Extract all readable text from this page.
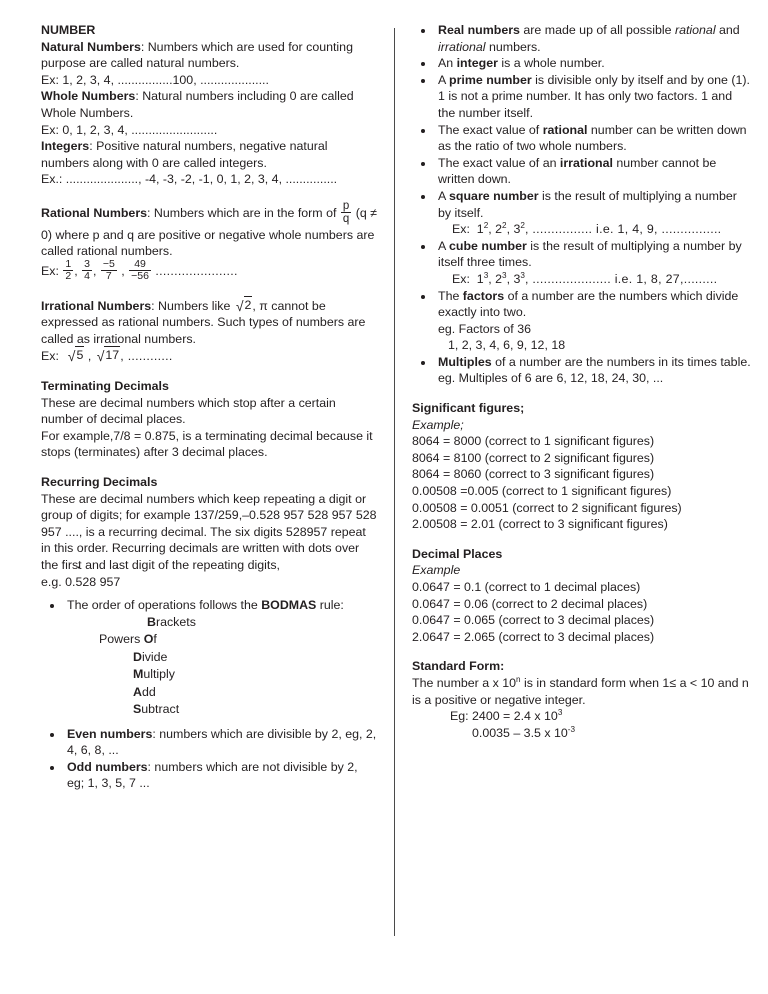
NUMBER

Natural Numbers: Numbers which are used for counting purpose are called natural numbers.

Ex: 1, 2, 3, 4, ................100, ....................

Whole Numbers: Natural numbers including 0 are called Whole Numbers.

Ex: 0, 1, 2, 3, 4, .........................

Integers: Positive natural numbers, negative natural numbers along with 0 are called integers.

Ex.: ....................., -4, -3, -2, -1, 0, 1, 2, 3, 4, ...............

Rational Numbers: Numbers which are in the form of $\frac{p}{q} (q \ne 0)$ where p and q are positive or negative whole numbers are called rational numbers.

Ex: $\frac{1}{2}$ , $\frac{3}{4}$ , $\frac{-5}{7}$ , $\frac{49}{-56}$ ......................

Irrational Numbers: Numbers like √2, π cannot be expressed as rational numbers. Such types of numbers are called as irrational numbers.

Ex: √5 , √17, ............

Terminating Decimals

These are decimal numbers which stop after a certain number of decimal places.

For example,7/8 = 0.875, is a terminating decimal because it stops (terminates) after 3 decimal places.

Recurring Decimals

These are decimal numbers which keep repeating a digit or group of digits; for example 137/259,–0.528 957 528 957 528 957 ...., is a recurring decimal. The six digits 528957 repeat in this order. Recurring decimals are written with dots over the first and last digit of the repeating digits,

e.g. 0.5 •28 957 •

The order of operations follows the BODMAS rule:

Brackets

Powers Of

Divide

Multiply

Add

Subtract

Even numbers: numbers which are divisible by 2, eg, 2, 4, 6, 8, ...
Odd numbers: numbers which are not divisible by 2, eg; 1, 3, 5, 7 ...
Real numbers are made up of all possible rational and irrational numbers.
An integer is a whole number.
A prime number is divisible only by itself and by one (1). 1 is not a prime number. It has only two factors. 1 and the number itself.
The exact value of rational number can be written down as the ratio of two whole numbers.
The exact value of an irrational number cannot be written down.
A square number is the result of multiplying a number by itself.

Ex: $1^2$, $2^2$, $3^2$, ................ i.e. 1, 4, 9, ................

A cube number is the result of multiplying a number by itself three times.

Ex: $1^3$, $2^3$, $3^3$, ..................... i.e. 1, 8, 27,.........

The factors of a number are the numbers which divide exactly into two.

eg. Factors of 36

1, 2, 3, 4, 6, 9, 12, 18

Multiples of a number are the numbers in its times table.

eg. Multiples of 6 are 6, 12, 18, 24, 30, ...

Significant figures;

Example;

8064 = 8000 (correct to 1 significant figures)

8064 = 8100 (correct to 2 significant figures)

8064 = 8060 (correct to 3 significant figures)

0.00508 =0.005 (correct to 1 significant figures)

0.00508 = 0.0051 (correct to 2 significant figures)

2.00508 = 2.01 (correct to 3 significant figures)

Decimal Places

Example

0.0647 = 0.1 (correct to 1 decimal places)

0.0647 = 0.06 (correct to 2 decimal places)

0.0647 = 0.065 (correct to 3 decimal places)

2.0647 = 2.065 (correct to 3 decimal places)

Standard Form:

The number a x 10$^n$ is in standard form when 1≤ a < 10 and n is a positive or negative integer.

Eg: 2400 = 2.4 x $10^3$

0.0035 – 3.5 x $10^{-3}$
